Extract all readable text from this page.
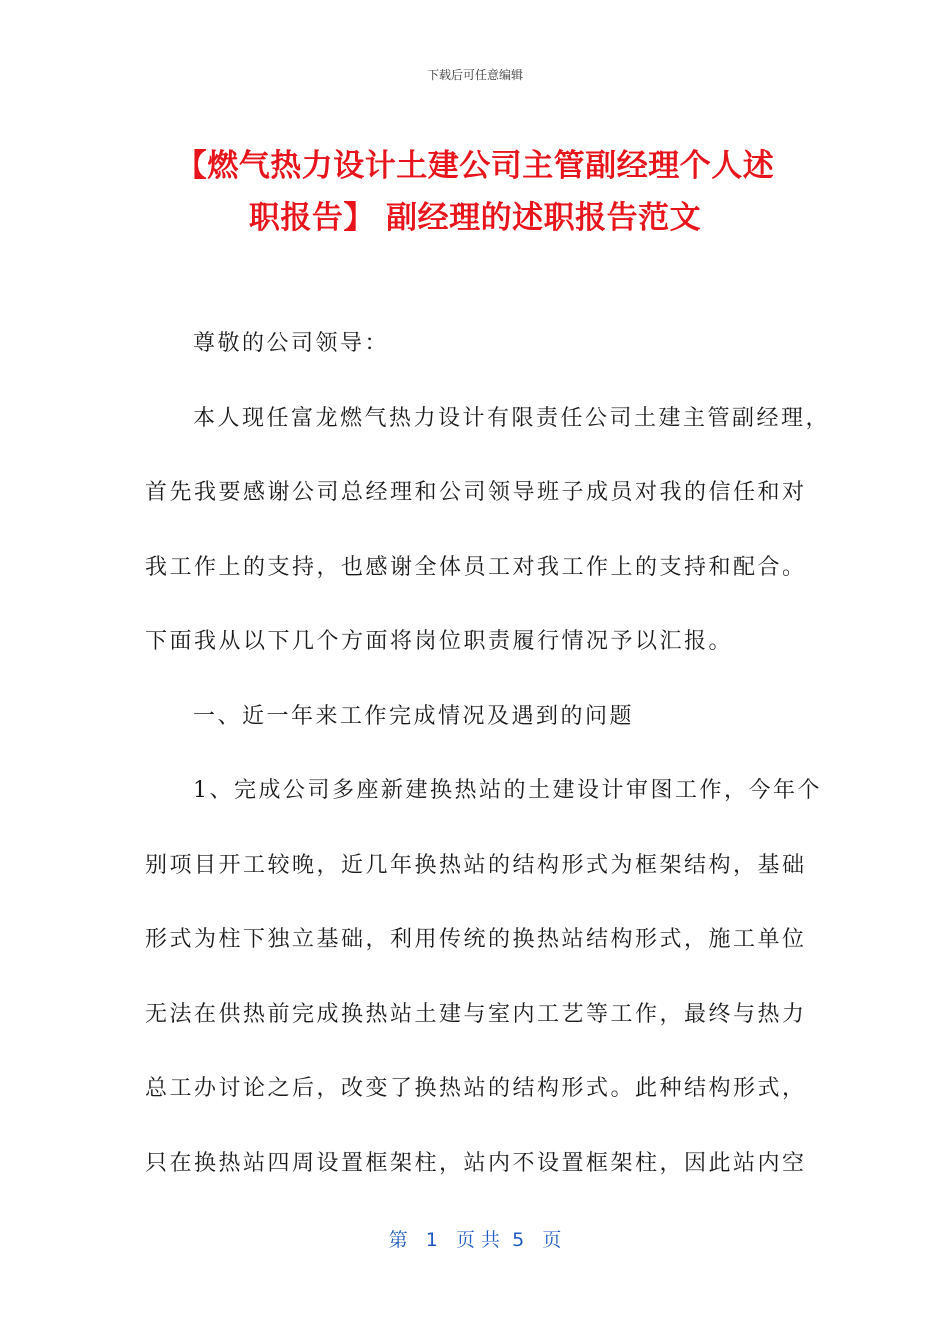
下载后可任意编辑
【燃气热力设计土建公司主管副经理个人述
职报告】 副经理的述职报告范文
尊敬的公司领导：
本人现任富龙燃气热力设计有限责任公司土建主管副经理，
首先我要感谢公司总经理和公司领导班子成员对我的信任和对
我工作上的支持，也感谢全体员工对我工作上的支持和配合。
下面我从以下几个方面将岗位职责履行情况予以汇报。
一、近一年来工作完成情况及遇到的问题
1、完成公司多座新建换热站的土建设计审图工作，今年个
别项目开工较晚，近几年换热站的结构形式为框架结构，基础
形式为柱下独立基础，利用传统的换热站结构形式，施工单位
无法在供热前完成换热站土建与室内工艺等工作，最终与热力
总工办讨论之后，改变了换热站的结构形式。此种结构形式，
只在换热站四周设置框架柱，站内不设置框架柱，因此站内空
第   1   页 共  5   页
